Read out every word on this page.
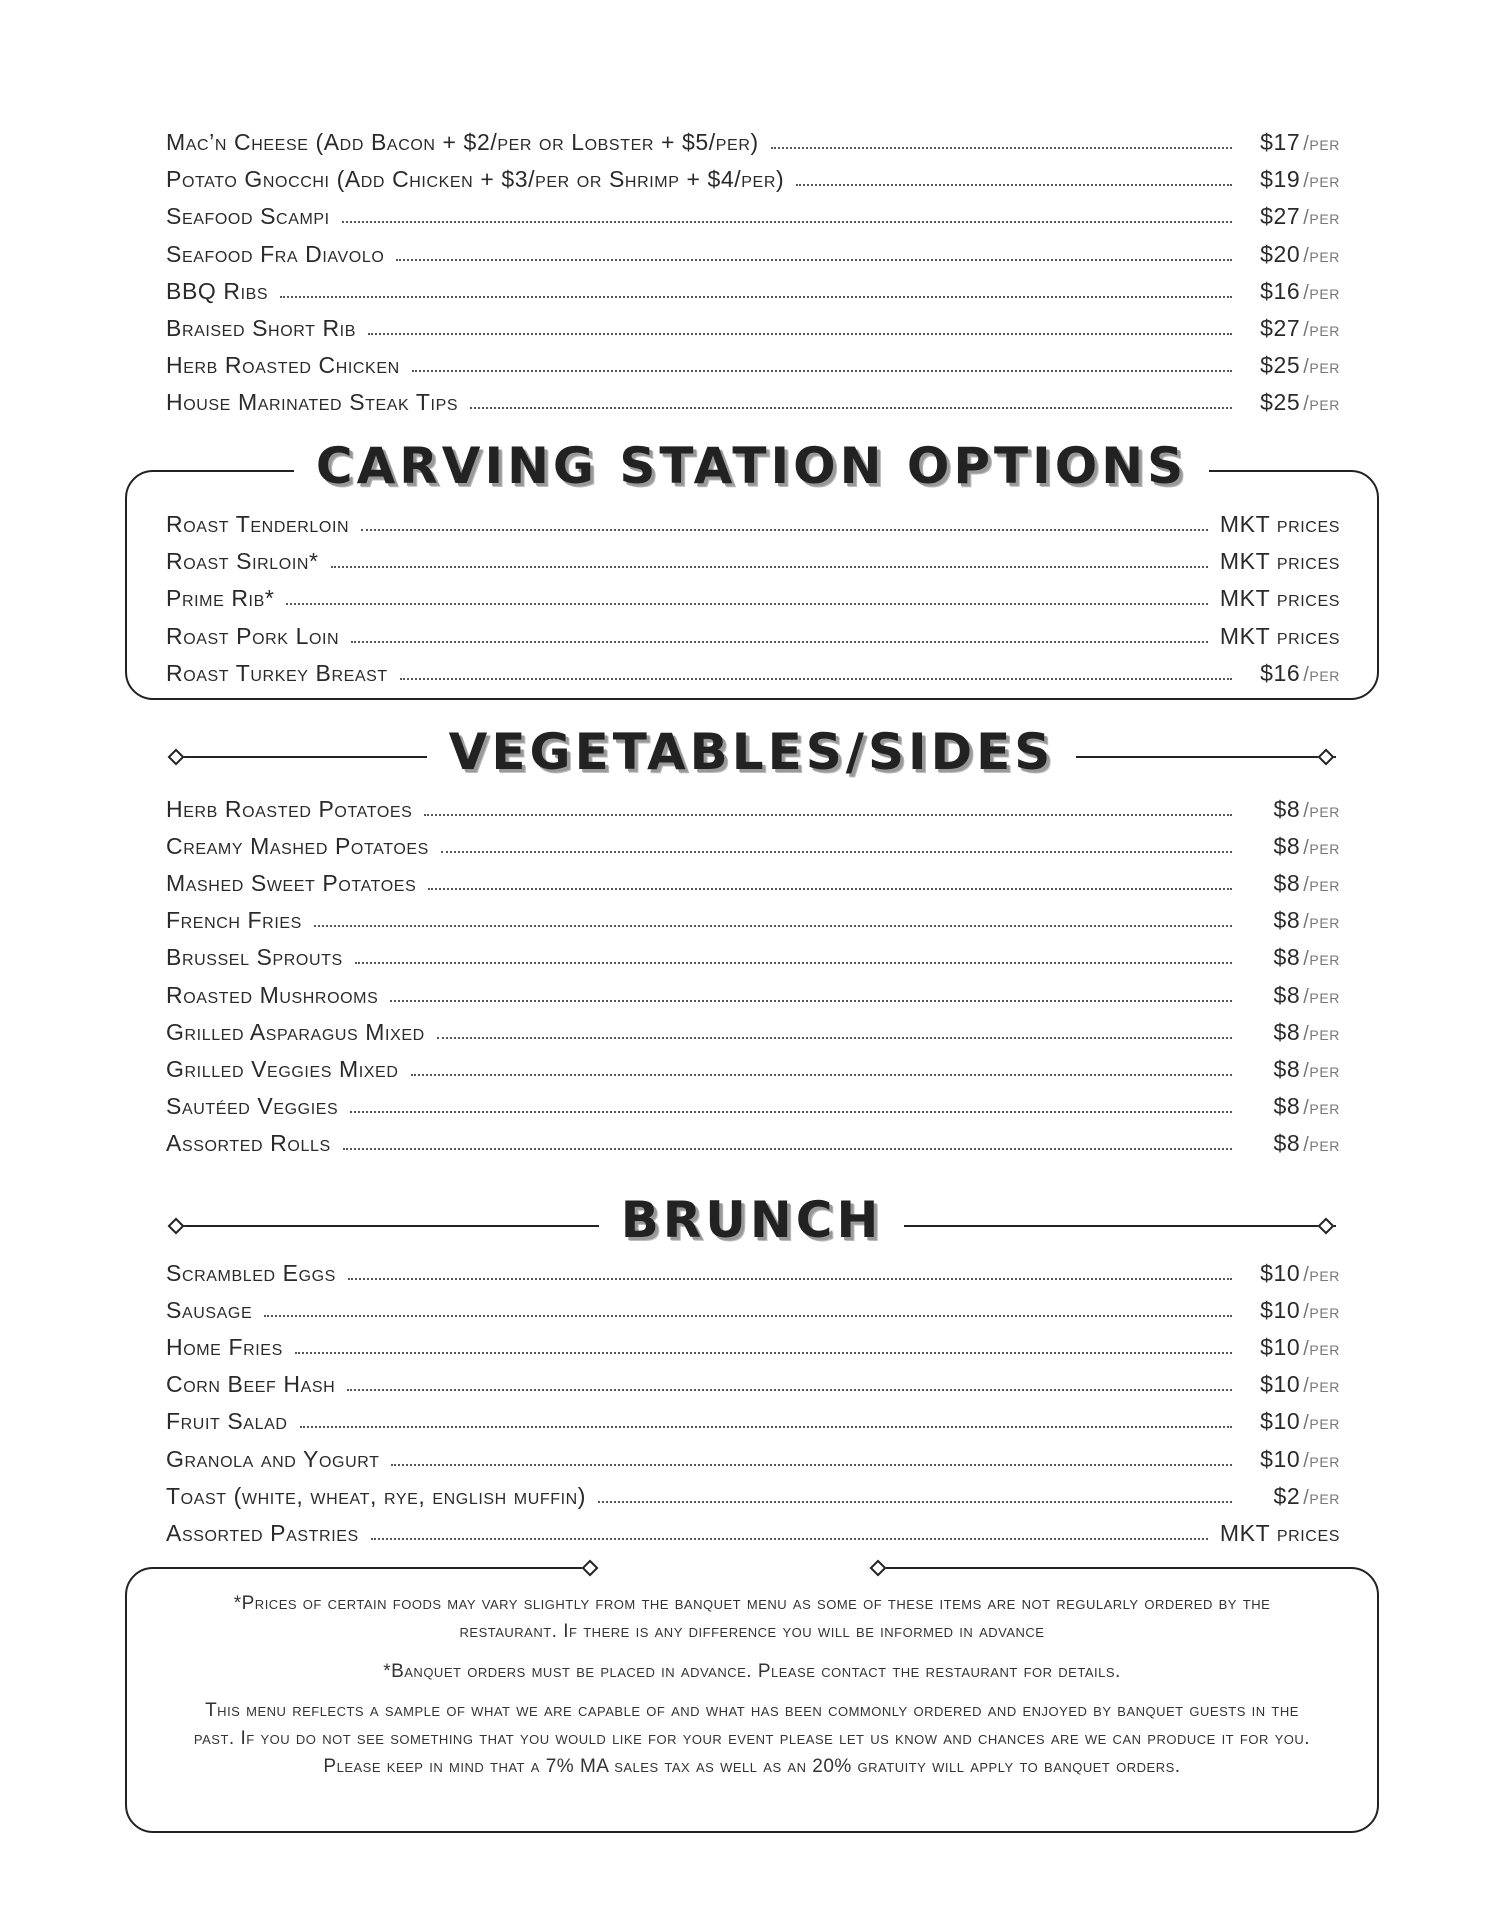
Mac’n Cheese (Add Bacon + $2/per or Lobster + $5/per)	$17 /per
Potato Gnocchi (Add Chicken + $3/per or Shrimp + $4/per)	$19 /per
Seafood Scampi	$27 /per
Seafood Fra Diavolo	$20 /per
BBQ Ribs	$16 /per
Braised Short Rib	$27 /per
Herb Roasted Chicken	$25 /per
House Marinated Steak Tips	$25 /per
CARVING STATION OPTIONS
Roast Tenderloin	MKT prices
Roast Sirloin*	MKT prices
Prime Rib*	MKT prices
Roast Pork Loin	MKT prices
Roast Turkey Breast	$16 /per
VEGETABLES/SIDES
Herb Roasted Potatoes	$8 /per
Creamy Mashed Potatoes	$8 /per
Mashed Sweet Potatoes	$8 /per
French Fries	$8 /per
Brussel Sprouts	$8 /per
Roasted Mushrooms	$8 /per
Grilled Asparagus Mixed	$8 /per
Grilled Veggies Mixed	$8 /per
Sautéed Veggies	$8 /per
Assorted Rolls	$8 /per
BRUNCH
Scrambled Eggs	$10 /per
Sausage	$10 /per
Home Fries	$10 /per
Corn Beef Hash	$10 /per
Fruit Salad	$10 /per
Granola and Yogurt	$10 /per
Toast (white, wheat, rye, english muffin)	$2 /per
Assorted Pastries	MKT prices
*Prices of certain foods may vary slightly from the banquet menu as some of these items are not regularly ordered by the restaurant. If there is any difference you will be informed in advance
*Banquet orders must be placed in advance. Please contact the restaurant for details.
This menu reflects a sample of what we are capable of and what has been commonly ordered and enjoyed by banquet guests in the past. If you do not see something that you would like for your event please let us know and chances are we can produce it for you. Please keep in mind that a 7% MA sales tax as well as an 20% gratuity will apply to banquet orders.
